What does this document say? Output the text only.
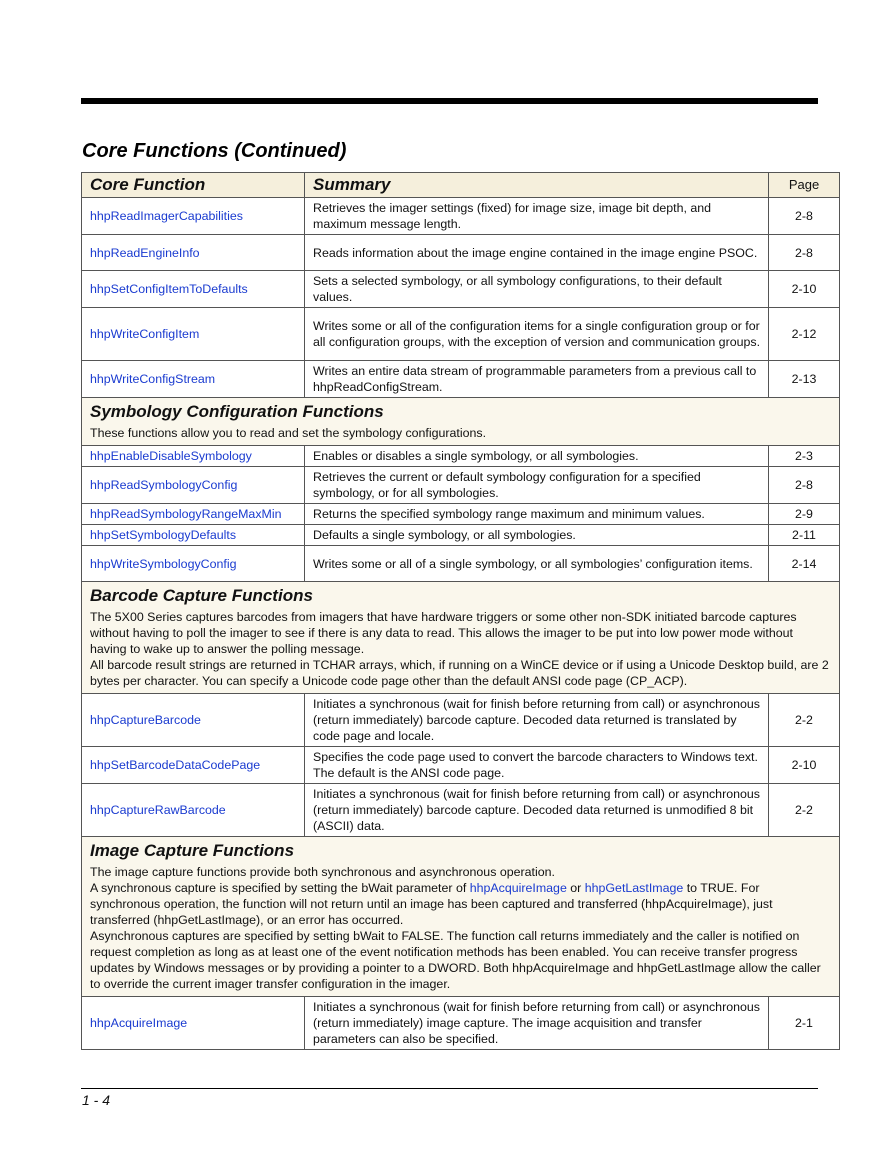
Core Functions (Continued)
Core Function	Summary	Page
hhpReadImagerCapabilities	Retrieves the imager settings (fixed) for image size, image bit depth, and maximum message length.	2-8
hhpReadEngineInfo	Reads information about the image engine contained in the image engine PSOC.	2-8
hhpSetConfigItemToDefaults	Sets a selected symbology, or all symbology configurations, to their default values.	2-10
hhpWriteConfigItem	Writes some or all of the configuration items for a single configuration group or for all configuration groups, with the exception of version and communication groups.	2-12
hhpWriteConfigStream	Writes an entire data stream of programmable parameters from a previous call to hhpReadConfigStream.	2-13

Symbology Configuration Functions

These functions allow you to read and set the symbology configurations.		

hhpEnableDisableSymbology	Enables or disables a single symbology, or all symbologies.	2-3
hhpReadSymbologyConfig	Retrieves the current or default symbology configuration for a specified symbology, or for all symbologies.	2-8
hhpReadSymbologyRangeMaxMin	Returns the specified symbology range maximum and minimum values.	2-9
hhpSetSymbologyDefaults	Defaults a single symbology, or all symbologies.	2-11
hhpWriteSymbologyConfig	Writes some or all of a single symbology, or all symbologies’ configuration items.	2-14

Barcode Capture Functions

The 5X00 Series captures barcodes from imagers that have hardware triggers or some other non-SDK initiated barcode captures without having to poll the imager to see if there is any data to read. This allows the imager to be put into low power mode without having to wake up to answer the polling message.

All barcode result strings are returned in TCHAR arrays, which, if running on a WinCE device or if using a Unicode Desktop build, are 2 bytes per character. You can specify a Unicode code page other than the default ANSI code page (CP_ACP).		

hhpCaptureBarcode	Initiates a synchronous (wait for finish before returning from call) or asynchronous (return immediately) barcode capture. Decoded data returned is translated by code page and locale.	2-2
hhpSetBarcodeDataCodePage	Specifies the code page used to convert the barcode characters to Windows text. The default is the ANSI code page.	2-10
hhpCaptureRawBarcode	Initiates a synchronous (wait for finish before returning from call) or asynchronous (return immediately) barcode capture. Decoded data returned is unmodified 8 bit (ASCII) data.	2-2

Image Capture Functions

The image capture functions provide both synchronous and asynchronous operation.

A synchronous capture is specified by setting the bWait parameter of hhpAcquireImage or hhpGetLastImage to TRUE. For synchronous operation, the function will not return until an image has been captured and transferred (hhpAcquireImage), just transferred (hhpGetLastImage), or an error has occurred.

Asynchronous captures are specified by setting bWait to FALSE. The function call returns immediately and the caller is notified on request completion as long as at least one of the event notification methods has been enabled. You can receive transfer progress updates by Windows messages or by providing a pointer to a DWORD. Both hhpAcquireImage and hhpGetLastImage allow the caller to override the current imager transfer configuration in the imager.		

hhpAcquireImage	Initiates a synchronous (wait for finish before returning from call) or asynchronous (return immediately) image capture. The image acquisition and transfer parameters can also be specified.	2-1
1 - 4
